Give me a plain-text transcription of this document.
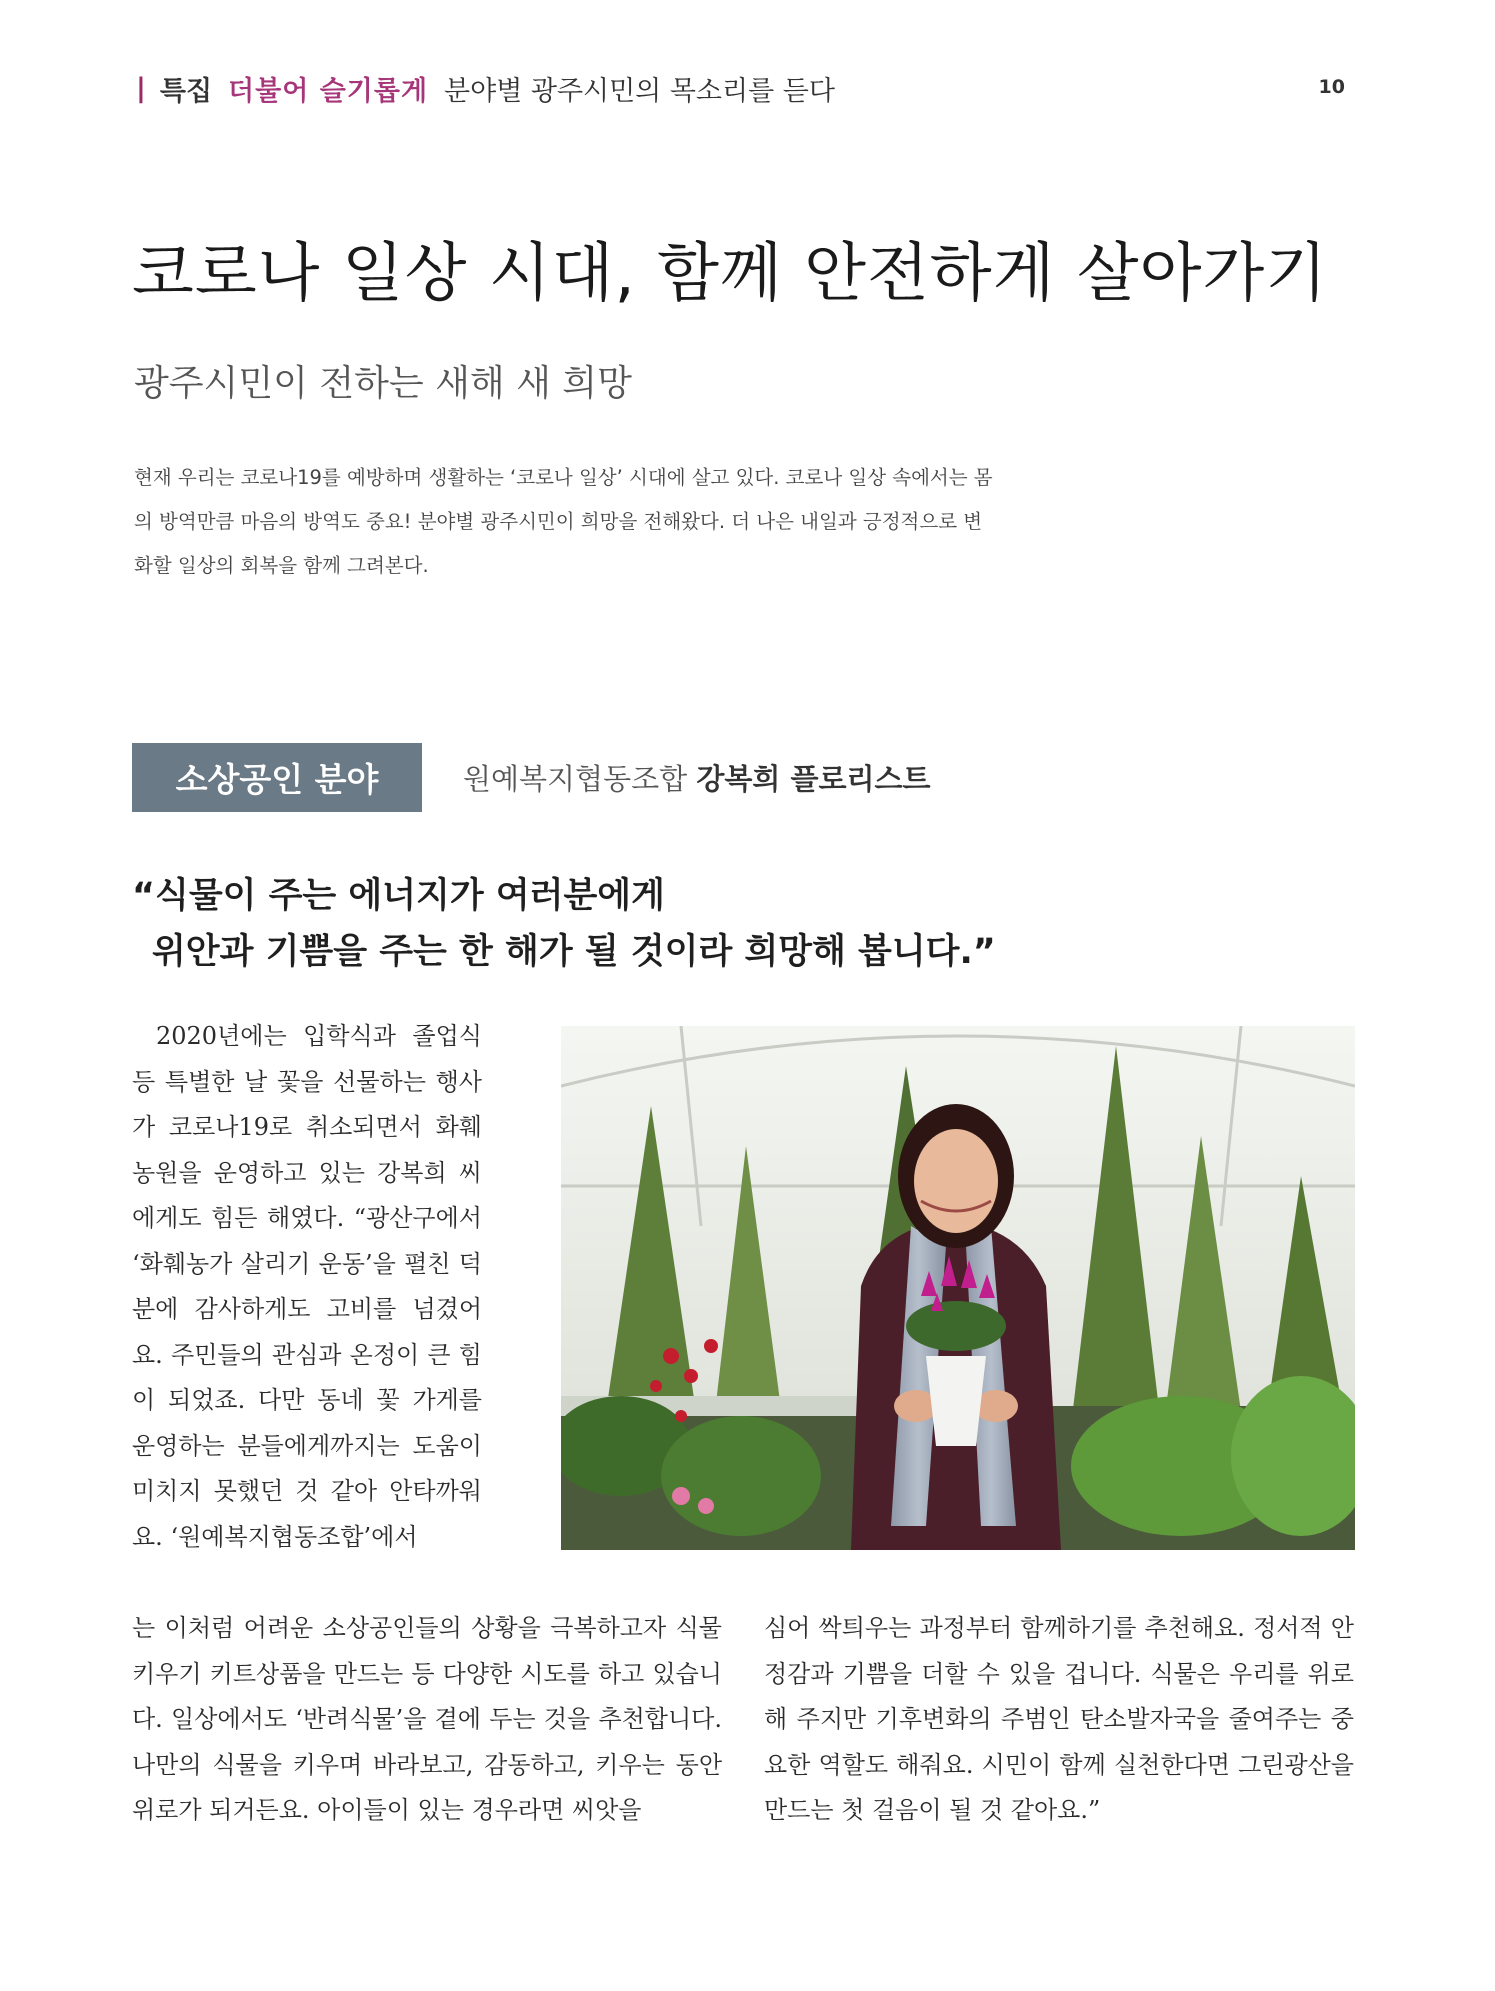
| 특집 더불어 슬기롭게 분야별 광주시민의 목소리를 듣다	10
코로나 일상 시대, 함께 안전하게 살아가기
광주시민이 전하는 새해 새 희망
현재 우리는 코로나19를 예방하며 생활하는 ‘코로나 일상’ 시대에 살고 있다. 코로나 일상 속에서는 몸의 방역만큼 마음의 방역도 중요! 분야별 광주시민이 희망을 전해왔다. 더 나은 내일과 긍정적으로 변화할 일상의 회복을 함께 그려본다.
소상공인 분야	원예복지협동조합 강복희 플로리스트
“식물이 주는 에너지가 여러분에게
위안과 기쁨을 주는 한 해가 될 것이라 희망해 봅니다.”

2020년에는 입학식과 졸업식 등 특별한 날 꽃을 선물하는 행사가 코로나19로 취소되면서 화훼농원을 운영하고 있는 강복희 씨에게도 힘든 해였다. “광산구에서 ‘화훼농가 살리기 운동’을 펼친 덕분에 감사하게도 고비를 넘겼어요. 주민들의 관심과 온정이 큰 힘이 되었죠. 다만 동네 꽃 가게를 운영하는 분들에게까지는 도움이 미치지 못했던 것 같아 안타까워요. ‘원예복지협동조합’에서

는 이처럼 어려운 소상공인들의 상황을 극복하고자 식물 키우기 키트상품을 만드는 등 다양한 시도를 하고 있습니다. 일상에서도 ‘반려식물’을 곁에 두는 것을 추천합니다. 나만의 식물을 키우며 바라보고, 감동하고, 키우는 동안 위로가 되거든요. 아이들이 있는 경우라면 씨앗을

심어 싹틔우는 과정부터 함께하기를 추천해요. 정서적 안정감과 기쁨을 더할 수 있을 겁니다. 식물은 우리를 위로해 주지만 기후변화의 주범인 탄소발자국을 줄여주는 중요한 역할도 해줘요. 시민이 함께 실천한다면 그린광산을 만드는 첫 걸음이 될 것 같아요.”
